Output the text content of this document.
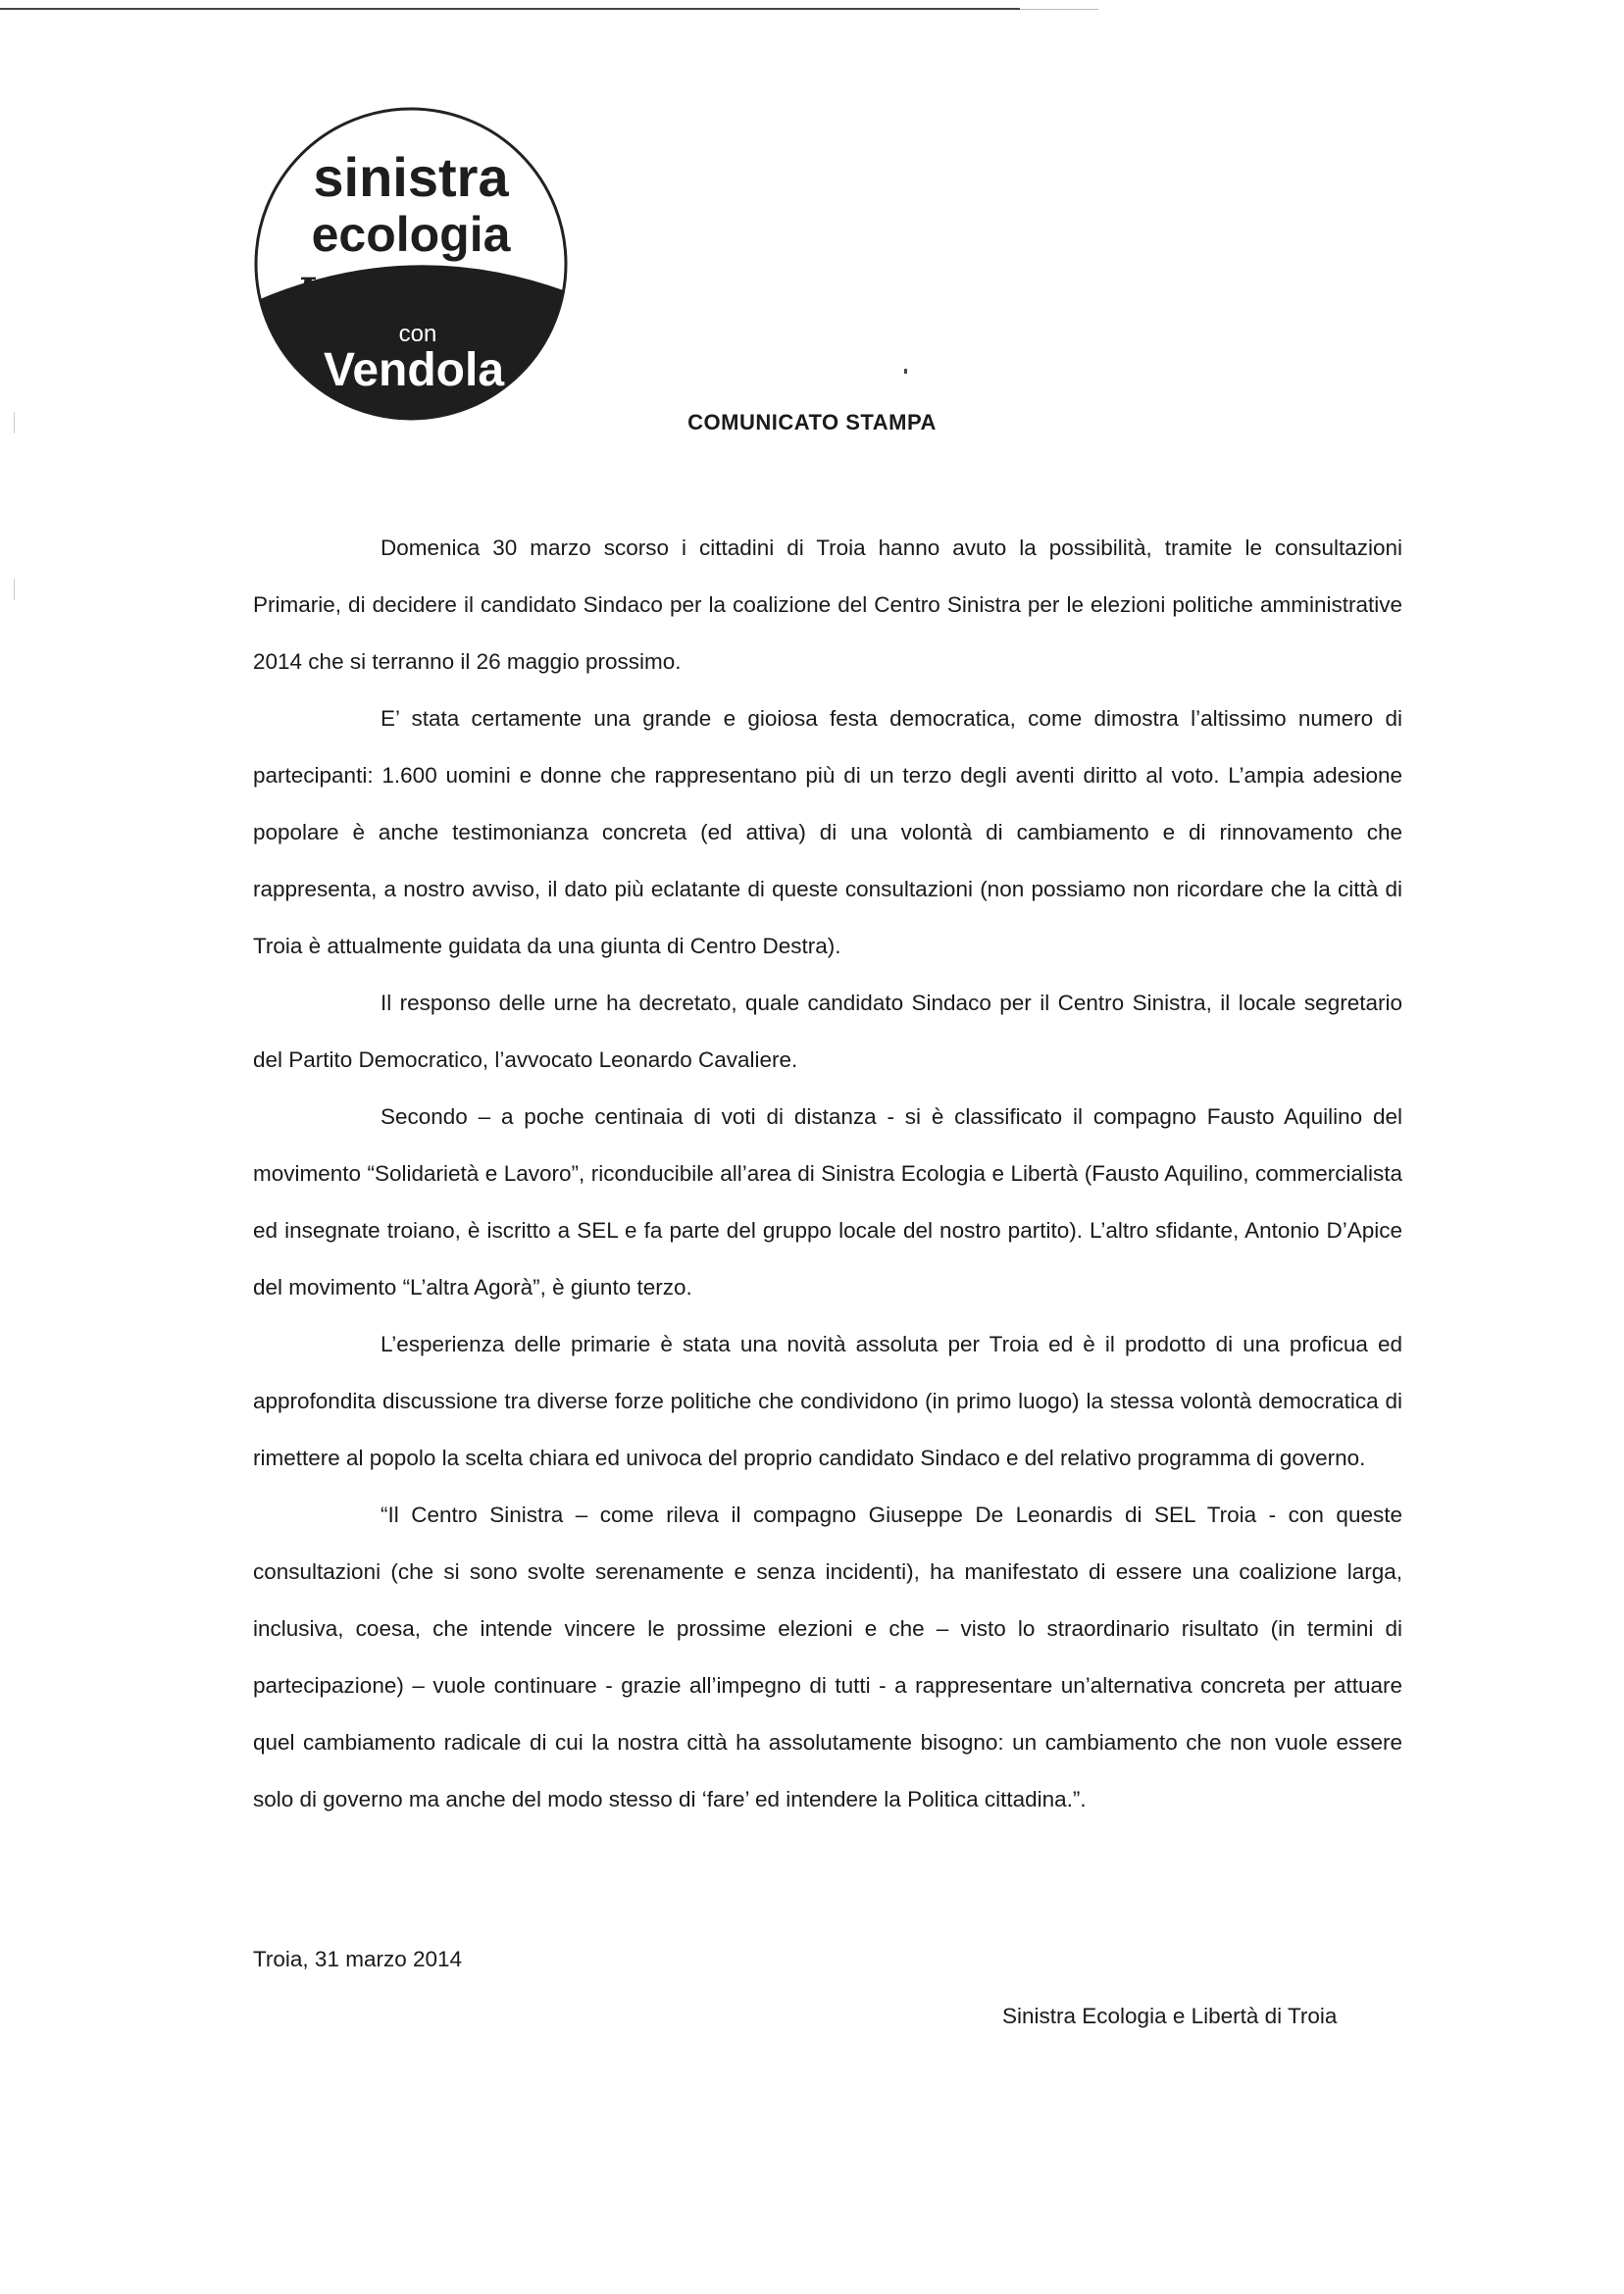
sinistra
ecologia
LiBERTA'
con
Vendola
COMUNICATO STAMPA

Domenica 30 marzo scorso i cittadini di Troia hanno avuto la possibilità, tramite le consultazioni Primarie, di decidere il candidato Sindaco per la coalizione del Centro Sinistra per le elezioni politiche amministrative 2014 che si terranno il 26 maggio prossimo.

E’ stata certamente una grande e gioiosa festa democratica, come dimostra l’altissimo numero di partecipanti: 1.600 uomini e donne che rappresentano più di un terzo degli aventi diritto al voto. L’ampia adesione popolare è anche testimonianza concreta (ed attiva) di una volontà di cambiamento e di rinnovamento che rappresenta, a nostro avviso, il dato più eclatante di queste consultazioni (non possiamo non ricordare che la città di Troia è attualmente guidata da una giunta di Centro Destra).

Il responso delle urne ha decretato, quale candidato Sindaco per il Centro Sinistra, il locale segretario del Partito Democratico, l’avvocato Leonardo Cavaliere.

Secondo – a poche centinaia di voti di distanza - si è classificato il compagno Fausto Aquilino del movimento “Solidarietà e Lavoro”, riconducibile all’area di Sinistra Ecologia e Libertà (Fausto Aquilino, commercialista ed insegnate troiano, è iscritto a SEL e fa parte del gruppo locale del nostro partito). L’altro sfidante, Antonio D’Apice del movimento “L’altra Agorà”, è giunto terzo.

L’esperienza delle primarie è stata una novità assoluta per Troia ed è il prodotto di una proficua ed approfondita discussione tra diverse forze politiche che condividono (in primo luogo) la stessa volontà democratica di rimettere al popolo la scelta chiara ed univoca del proprio candidato Sindaco e del relativo programma di governo.

“Il Centro Sinistra – come rileva il compagno Giuseppe De Leonardis di SEL Troia - con queste consultazioni (che si sono svolte serenamente e senza incidenti), ha manifestato di essere una coalizione larga, inclusiva, coesa, che intende vincere le prossime elezioni e che – visto lo straordinario risultato (in termini di partecipazione) – vuole continuare - grazie all’impegno di tutti - a rappresentare un’alternativa concreta per attuare quel cambiamento radicale di cui la nostra città ha assolutamente bisogno: un cambiamento che non vuole essere solo di governo ma anche del modo stesso di ‘fare’ ed intendere la Politica cittadina.”.

Troia, 31 marzo 2014
Sinistra Ecologia e Libertà di Troia
